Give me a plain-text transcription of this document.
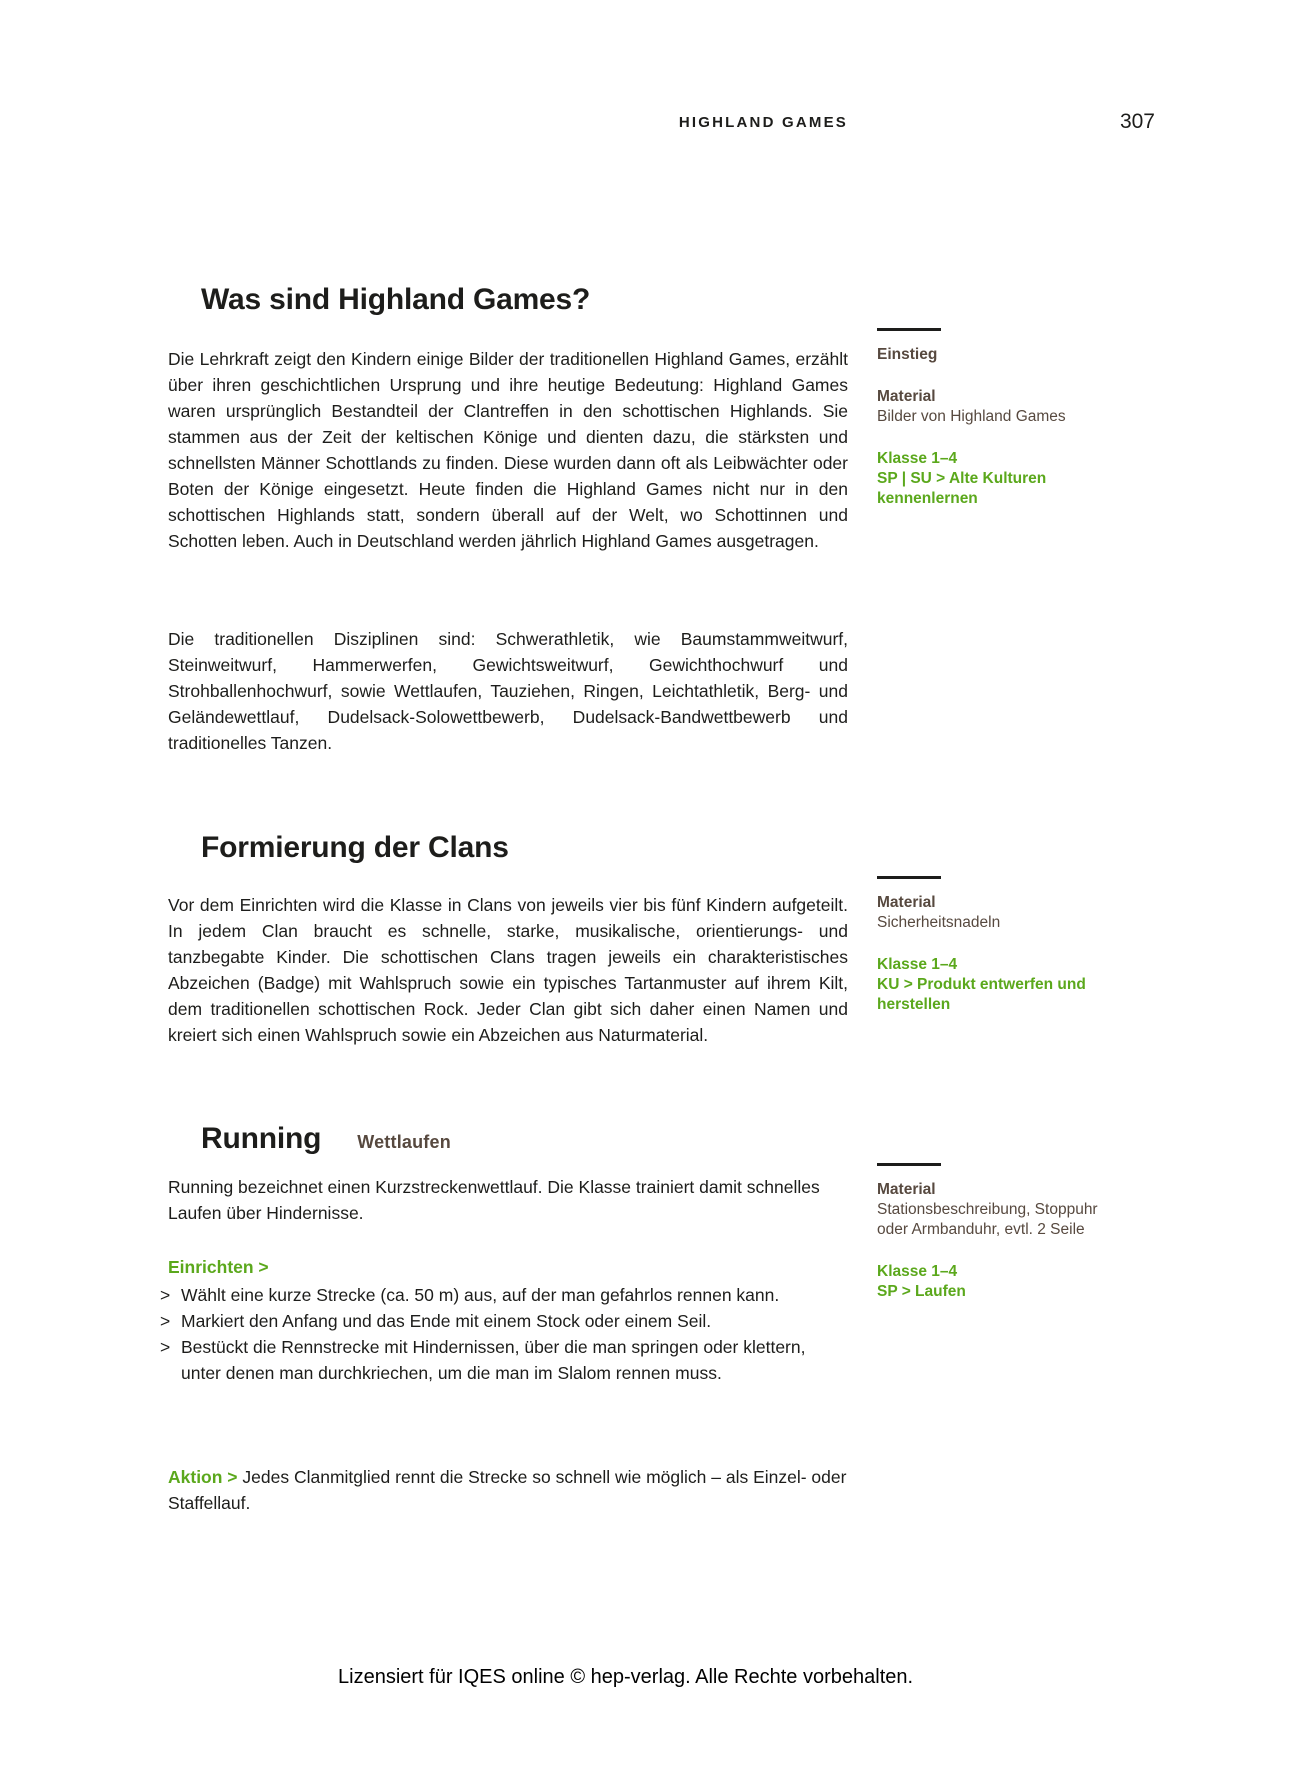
HIGHLAND GAMES	307
Was sind Highland Games?

Die Lehrkraft zeigt den Kindern einige Bilder der traditionellen Highland Games, erzählt über ihren geschichtlichen Ursprung und ihre heutige Bedeutung: Highland Games waren ursprünglich Bestandteil der Clantreffen in den schottischen Highlands. Sie stammen aus der Zeit der keltischen Könige und dienten dazu, die stärksten und schnellsten Männer Schottlands zu finden. Diese wurden dann oft als Leibwächter oder Boten der Könige eingesetzt. Heute finden die Highland Games nicht nur in den schottischen Highlands statt, sondern überall auf der Welt, wo Schottinnen und Schotten leben. Auch in Deutschland werden jährlich Highland Games ausgetragen.

Die traditionellen Disziplinen sind: Schwerathletik, wie Baumstammweitwurf, Steinweitwurf, Hammerwerfen, Gewichtsweitwurf, Gewichthochwurf und Strohballenhochwurf, sowie Wettlaufen, Tauziehen, Ringen, Leichtathletik, Berg- und Geländewettlauf, Dudelsack-Solowettbewerb, Dudelsack-Bandwettbewerb und traditionelles Tanzen.

Formierung der Clans

Vor dem Einrichten wird die Klasse in Clans von jeweils vier bis fünf Kindern aufgeteilt. In jedem Clan braucht es schnelle, starke, musikalische, orientierungs- und tanzbegabte Kinder. Die schottischen Clans tragen jeweils ein charakteristisches Abzeichen (Badge) mit Wahlspruch sowie ein typisches Tartanmuster auf ihrem Kilt, dem traditionellen schottischen Rock. Jeder Clan gibt sich daher einen Namen und kreiert sich einen Wahlspruch sowie ein Abzeichen aus Naturmaterial.

Running Wettlaufen

Running bezeichnet einen Kurzstreckenwettlauf. Die Klasse trainiert damit schnelles Laufen über Hindernisse.

Einrichten >

> Wählt eine kurze Strecke (ca. 50 m) aus, auf der man gefahrlos rennen kann.
> Markiert den Anfang und das Ende mit einem Stock oder einem Seil.
> Bestückt die Rennstrecke mit Hindernissen, über die man springen oder klettern, unter denen man durchkriechen, um die man im Slalom rennen muss.

Aktion > Jedes Clanmitglied rennt die Strecke so schnell wie möglich – als Einzel- oder Staffellauf.

Einstieg
Material
Bilder von Highland Games
Klasse 1–4
SP | SU > Alte Kulturen kennenlernen
Material
Sicherheitsnadeln
Klasse 1–4
KU > Produkt entwerfen und herstellen
Material
Stationsbeschreibung, Stoppuhr oder Armbanduhr, evtl. 2 Seile
Klasse 1–4
SP > Laufen
Lizensiert für IQES online © hep-verlag. Alle Rechte vorbehalten.
